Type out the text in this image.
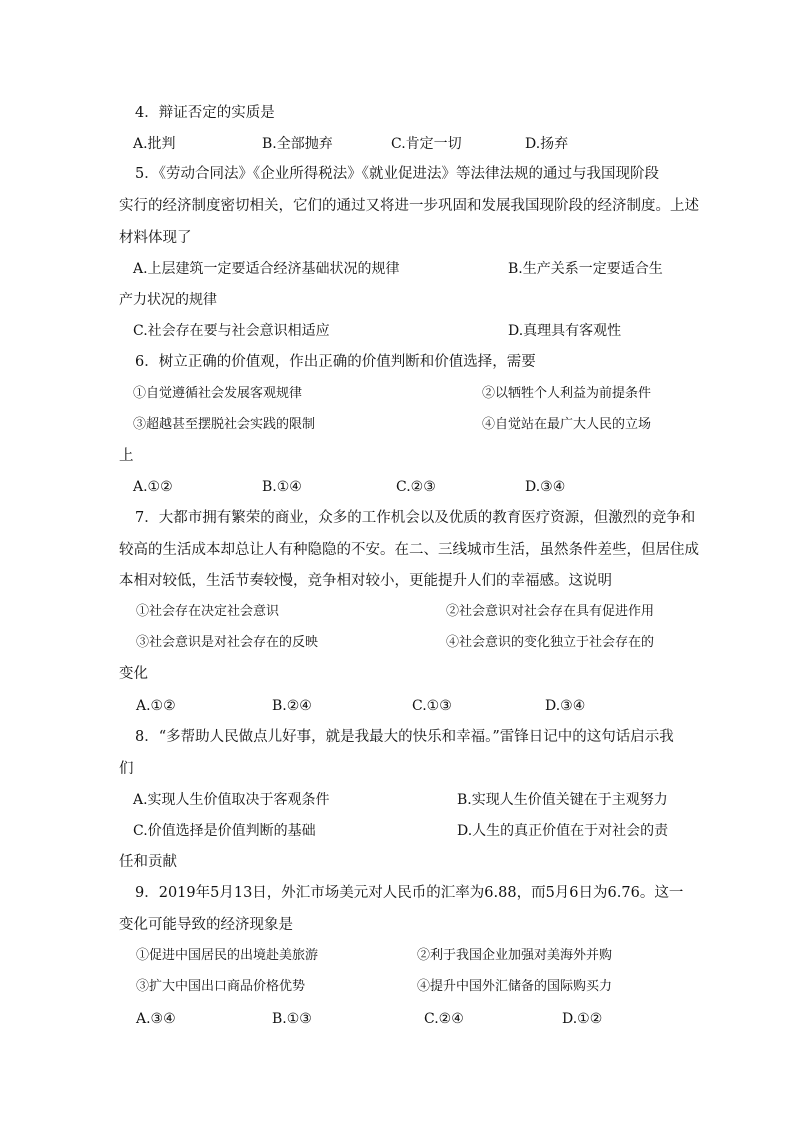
4．辩证否定的实质是
A.批判	B.全部抛弃	C.肯定一切	D.扬弃
5．《劳动合同法》《企业所得税法》《就业促进法》等法律法规的通过与我国现阶段
实行的经济制度密切相关，它们的通过又将进一步巩固和发展我国现阶段的经济制度。上述
材料体现了
A.上层建筑一定要适合经济基础状况的规律	B.生产关系一定要适合生
产力状况的规律
C.社会存在要与社会意识相适应	D.真理具有客观性
6．树立正确的价值观，作出正确的价值判断和价值选择，需要
①自觉遵循社会发展客观规律	②以牺牲个人利益为前提条件
③超越甚至摆脱社会实践的限制	④自觉站在最广大人民的立场
上
A.①②	B.①④	C.②③	D.③④
7．大都市拥有繁荣的商业，众多的工作机会以及优质的教育医疗资源，但激烈的竞争和
较高的生活成本却总让人有种隐隐的不安。在二、三线城市生活，虽然条件差些，但居住成
本相对较低，生活节奏较慢，竞争相对较小，更能提升人们的幸福感。这说明
①社会存在决定社会意识	②社会意识对社会存在具有促进作用
③社会意识是对社会存在的反映	④社会意识的变化独立于社会存在的
变化
A.①②	B.②④	C.①③	D.③④
8．“多帮助人民做点儿好事，就是我最大的快乐和幸福。”雷锋日记中的这句话启示我
们
A.实现人生价值取决于客观条件	B.实现人生价值关键在于主观努力
C.价值选择是价值判断的基础	D.人生的真正价值在于对社会的责
任和贡献
9．2019年5月13日，外汇市场美元对人民币的汇率为6.88，而5月6日为6.76。这一
变化可能导致的经济现象是
①促进中国居民的出境赴美旅游	②利于我国企业加强对美海外并购
③扩大中国出口商品价格优势	④提升中国外汇储备的国际购买力
A.③④	B.①③	C.②④	D.①②
